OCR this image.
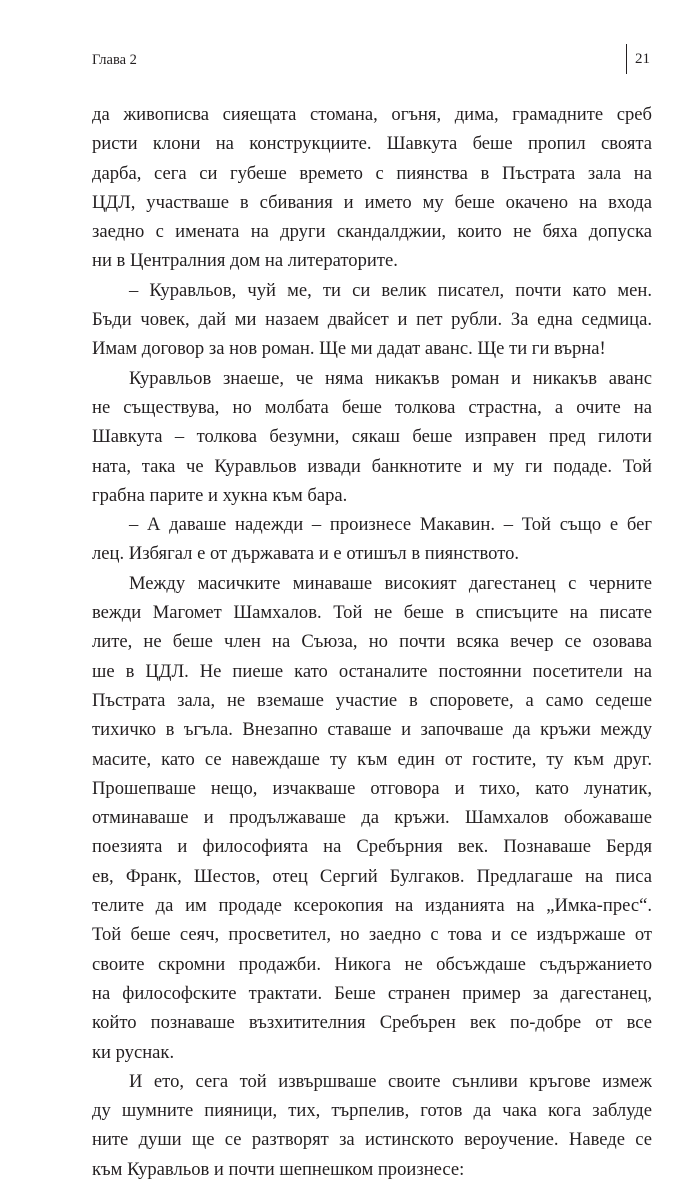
Глава 2	21
да живописва сияещата стомана, огъня, дима, грамадните среб
ристи клони на конструкциите. Шавкута беше пропил своята
дарба, сега си губеше времето с пиянства в Пъстрата зала на
ЦДЛ, участваше в сбивания и името му беше окачено на входа
заедно с имената на други скандалджии, които не бяха допуска
ни в Централния дом на литераторите.
– Куравльов, чуй ме, ти си велик писател, почти като мен.
Бъди човек, дай ми назаем двайсет и пет рубли. За една седмица.
Имам договор за нов роман. Ще ми дадат аванс. Ще ти ги върна!
Куравльов знаеше, че няма никакъв роман и никакъв аванс
не съществува, но молбата беше толкова страстна, а очите на
Шавкута – толкова безумни, сякаш беше изправен пред гилоти
ната, така че Куравльов извади банкнотите и му ги подаде. Той
грабна парите и хукна към бара.
– А даваше надежди – произнесе Макавин. – Той също е бег
лец. Избягал е от държавата и е отишъл в пиянството.
Между масичките минаваше високият дагестанец с черните
вежди Магомет Шамхалов. Той не беше в списъците на писате
лите, не беше член на Съюза, но почти всяка вечер се озовава
ше в ЦДЛ. Не пиеше като останалите постоянни посетители на
Пъстрата зала, не вземаше участие в споровете, а само седеше
тихичко в ъгъла. Внезапно ставаше и започваше да кръжи между
масите, като се навеждаше ту към един от гостите, ту към друг.
Прошепваше нещо, изчакваше отговора и тихо, като лунатик,
отминаваше и продължаваше да кръжи. Шамхалов обожаваше
поезията и философията на Сребърния век. Познаваше Бердя
ев, Франк, Шестов, отец Сергий Булгаков. Предлагаше на писа
телите да им продаде ксерокопия на изданията на „Имка-прес“.
Той беше сеяч, просветител, но заедно с това и се издържаше от
своите скромни продажби. Никога не обсъждаше съдържанието
на философските трактати. Беше странен пример за дагестанец,
който познаваше възхитителния Сребърен век по-добре от все
ки руснак.
И ето, сега той извършваше своите сънливи кръгове измеж
ду шумните пияници, тих, търпелив, готов да чака кога заблуде
ните души ще се разтворят за истинското вероучение. Наведе се
към Куравльов и почти шепнешком произнесе:
